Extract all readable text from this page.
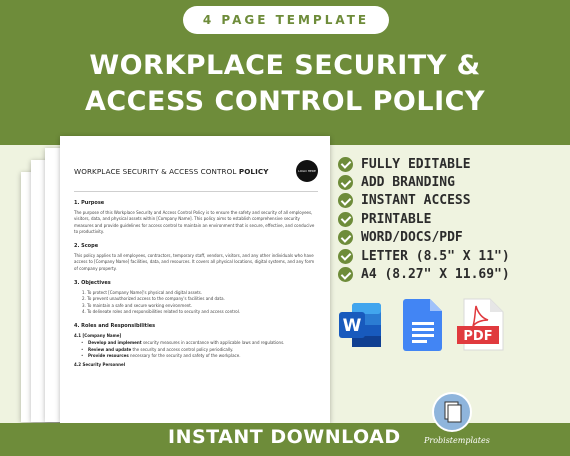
4 PAGE TEMPLATE
WORKPLACE SECURITY &
ACCESS CONTROL POLICY
WORKPLACE SECURITY & ACCESS CONTROL POLICY	LOGO HERE
1. Purpose
The purpose of this Workplace Security and Access Control Policy is to ensure the safety and security of all employees, visitors, data, and physical assets within [Company Name]. This policy aims to establish comprehensive security measures and provide guidelines for access control to maintain an environment that is secure, effective, and conducive to productivity.
2. Scope
This policy applies to all employees, contractors, temporary staff, vendors, visitors, and any other individuals who have access to [Company Name] facilities, data, and resources. It covers all physical locations, digital systems, and any form of company property.
3. Objectives
1. To protect [Company Name]'s physical and digital assets.
2. To prevent unauthorized access to the company's facilities and data.
3. To maintain a safe and secure working environment.
4. To delineate roles and responsibilities related to security and access control.
4. Roles and Responsibilities
4.1 [Company Name]
• Develop and implement security measures in accordance with applicable laws and regulations.
• Review and update the security and access control policy periodically.
• Provide resources necessary for the security and safety of the workplace.
4.2 Security Personnel
FULLY EDITABLE
ADD BRANDING
INSTANT ACCESS
PRINTABLE
WORD/DOCS/PDF
LETTER (8.5" X 11")
A4 (8.27" X 11.69")
W
PDF
INSTANT DOWNLOAD	Probistemplates
